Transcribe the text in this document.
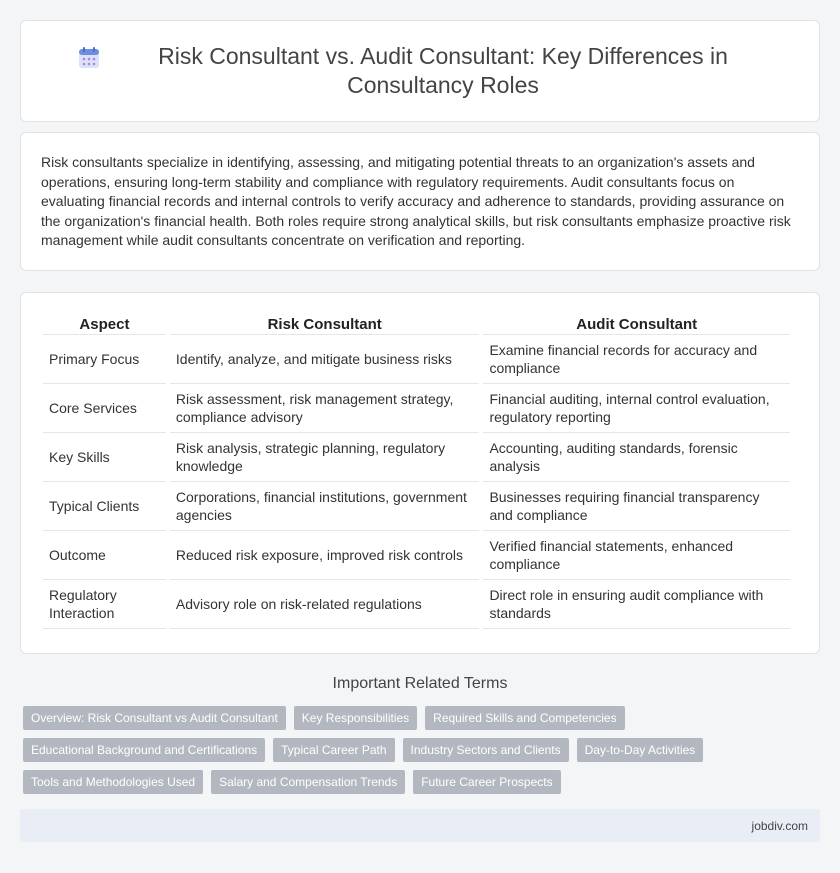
Risk Consultant vs. Audit Consultant: Key Differences in Consultancy Roles

Risk consultants specialize in identifying, assessing, and mitigating potential threats to an organization's assets and operations, ensuring long-term stability and compliance with regulatory requirements. Audit consultants focus on evaluating financial records and internal controls to verify accuracy and adherence to standards, providing assurance on the organization's financial health. Both roles require strong analytical skills, but risk consultants emphasize proactive risk management while audit consultants concentrate on verification and reporting.

Aspect	Risk Consultant	Audit Consultant
Primary Focus	Identify, analyze, and mitigate business risks	Examine financial records for accuracy and compliance
Core Services	Risk assessment, risk management strategy, compliance advisory	Financial auditing, internal control evaluation, regulatory reporting
Key Skills	Risk analysis, strategic planning, regulatory knowledge	Accounting, auditing standards, forensic analysis
Typical Clients	Corporations, financial institutions, government agencies	Businesses requiring financial transparency and compliance
Outcome	Reduced risk exposure, improved risk controls	Verified financial statements, enhanced compliance
Regulatory Interaction	Advisory role on risk-related regulations	Direct role in ensuring audit compliance with standards
Important Related Terms
Overview: Risk Consultant vs Audit Consultant	Key Responsibilities	Required Skills and Competencies
Educational Background and Certifications	Typical Career Path	Industry Sectors and Clients	Day-to-Day Activities
Tools and Methodologies Used	Salary and Compensation Trends	Future Career Prospects
jobdiv.com
